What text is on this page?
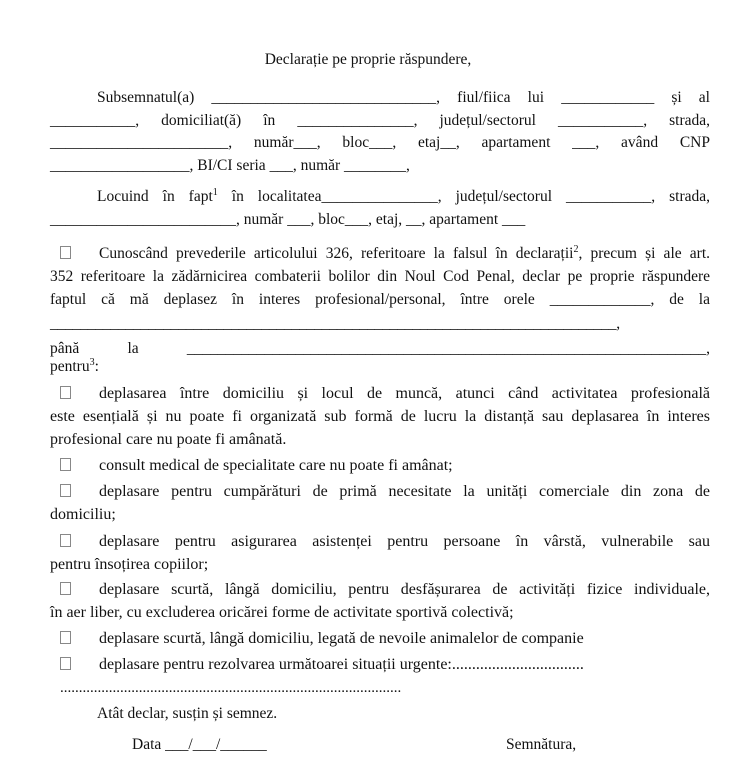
Declarație pe proprie răspundere,
Subsemnatul(a) _____________________________, fiul/fiica lui ____________ și al
___________, domiciliat(ă) în _______________, județul/sectorul ___________, strada,
_______________________, număr___, bloc___, etaj__, apartament ___, având CNP
__________________, BI/CI seria ___, număr ________,
Locuind în fapt$^1$ în localitatea_______________, județul/sectorul ___________, strada,
________________________, număr ___, bloc___, etaj, __, apartament ___
Cunoscând prevederile articolului 326, referitoare la falsul în declarații$^2$, precum și ale art.
352 referitoare la zădărnicirea combaterii bolilor din Noul Cod Penal, declar pe proprie răspundere
faptul că mă deplasez în interes profesional/personal, între orele _____________, de la
___________________________________________________________________________,
până la ___________________________________________________________________,
pentru$^3$:
deplasarea între domiciliu și locul de muncă, atunci când activitatea profesională
este esențială și nu poate fi organizată sub formă de lucru la distanță sau deplasarea în interes
profesional care nu poate fi amânată.
consult medical de specialitate care nu poate fi amânat;
deplasare pentru cumpărături de primă necesitate la unități comerciale din zona de
domiciliu;
deplasare pentru asigurarea asistenței pentru persoane în vârstă, vulnerabile sau
pentru însoțirea copiilor;
deplasare scurtă, lângă domiciliu, pentru desfășurarea de activități fizice individuale,
în aer liber, cu excluderea oricărei forme de activitate sportivă colectivă;
deplasare scurtă, lângă domiciliu, legată de nevoile animalelor de companie
deplasare pentru rezolvarea următoarei situații urgente:.................................
...........................................................................................
Atât declar, susțin și semnez.
Data ___/___/______	Semnătura,
